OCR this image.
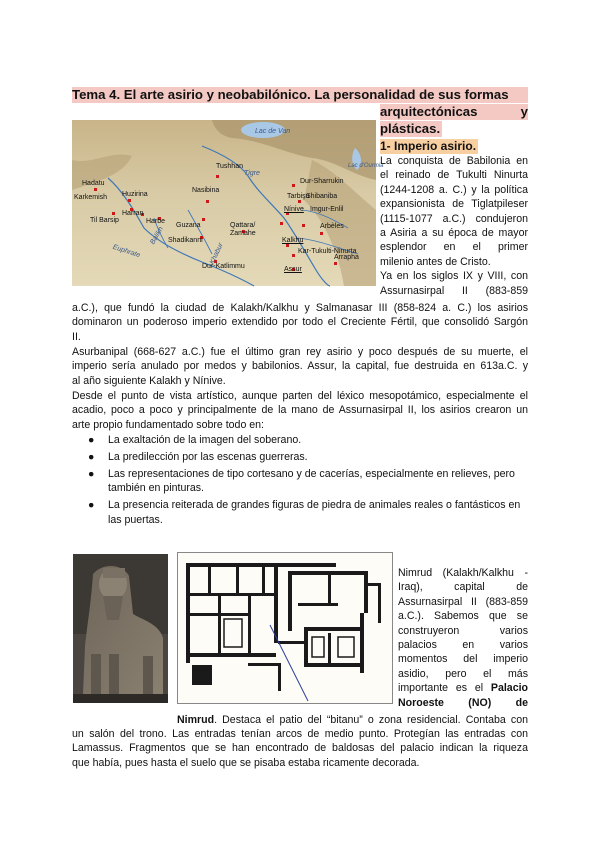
Tema 4. El arte asirio y neobabilónico. La personalidad de sus formas
arquitectónicas	y
plásticas.
1- Imperio asirio.
Lac de Van
Tigre
Lac d'Ourmia
Euphrate
Balikh
Khabur
Tushhan
Hadatu
Karkemish Huzirina
Harran
Harbe
Til Barsip
Nasibina
Guzana
Shadikanni
Dur-Sharrukin
Tarbişu
Shibaniba
Nínive Imgur-Enlil
Arbèles
Qattara/
Zamahe
Kalkhu
Kar-Tukulti-Ninurta
Dur-Katlimmu	Assur
Arrapha
La conquista de Babilonia en
el reinado de Tukulti Ninurta
(1244-1208 a. C.) y la política
expansionista de Tiglatpileser
(1115-1077 a.C.) condujeron
a Asiria a su época de mayor
esplendor en el primer
milenio antes de Cristo.
Ya en los siglos IX y VIII, con
Assurnasirpal II (883-859
a.C.), que fundó la ciudad de Kalakh/Kalkhu y Salmanasar III (858-824 a. C.) los asirios
dominaron un poderoso imperio extendido por todo el Creciente Fértil, que consolidó Sargón
II.
Asurbanipal (668-627 a.C.) fue el último gran rey asirio y poco después de su muerte, el
imperio sería anulado por medos y babilonios. Assur, la capital, fue destruida en 613a.C. y
al año siguiente Kalakh y Nínive.
Desde el punto de vista artístico, aunque parten del léxico mesopotámico, especialmente el
acadio, poco a poco y principalmente de la mano de Assurnasirpal II, los asirios crearon un
arte propio fundamentado sobre todo en:
● La exaltación de la imagen del soberano.
● La predilección por las escenas guerreras.
● Las representaciones de tipo cortesano y de cacerías, especialmente en relieves, pero también en pinturas.
● La presencia reiterada de grandes figuras de piedra de animales reales o fantásticos en las puertas.
Nimrud (Kalakh/Kalkhu -
Iraq), capital de
Assurnasirpal II (883-859
a.C.). Sabemos que se
construyeron varios
palacios en varios
momentos del imperio
asidio, pero el más
importante es el Palacio
Noroeste (NO) de
Nimrud. Destaca el patio del “bitanu” o zona residencial. Contaba con
un salón del trono. Las entradas tenían arcos de medio punto. Protegían las entradas con
Lamassus. Fragmentos que se han encontrado de baldosas del palacio indican la riqueza
que había, pues hasta el suelo que se pisaba estaba ricamente decorada.
